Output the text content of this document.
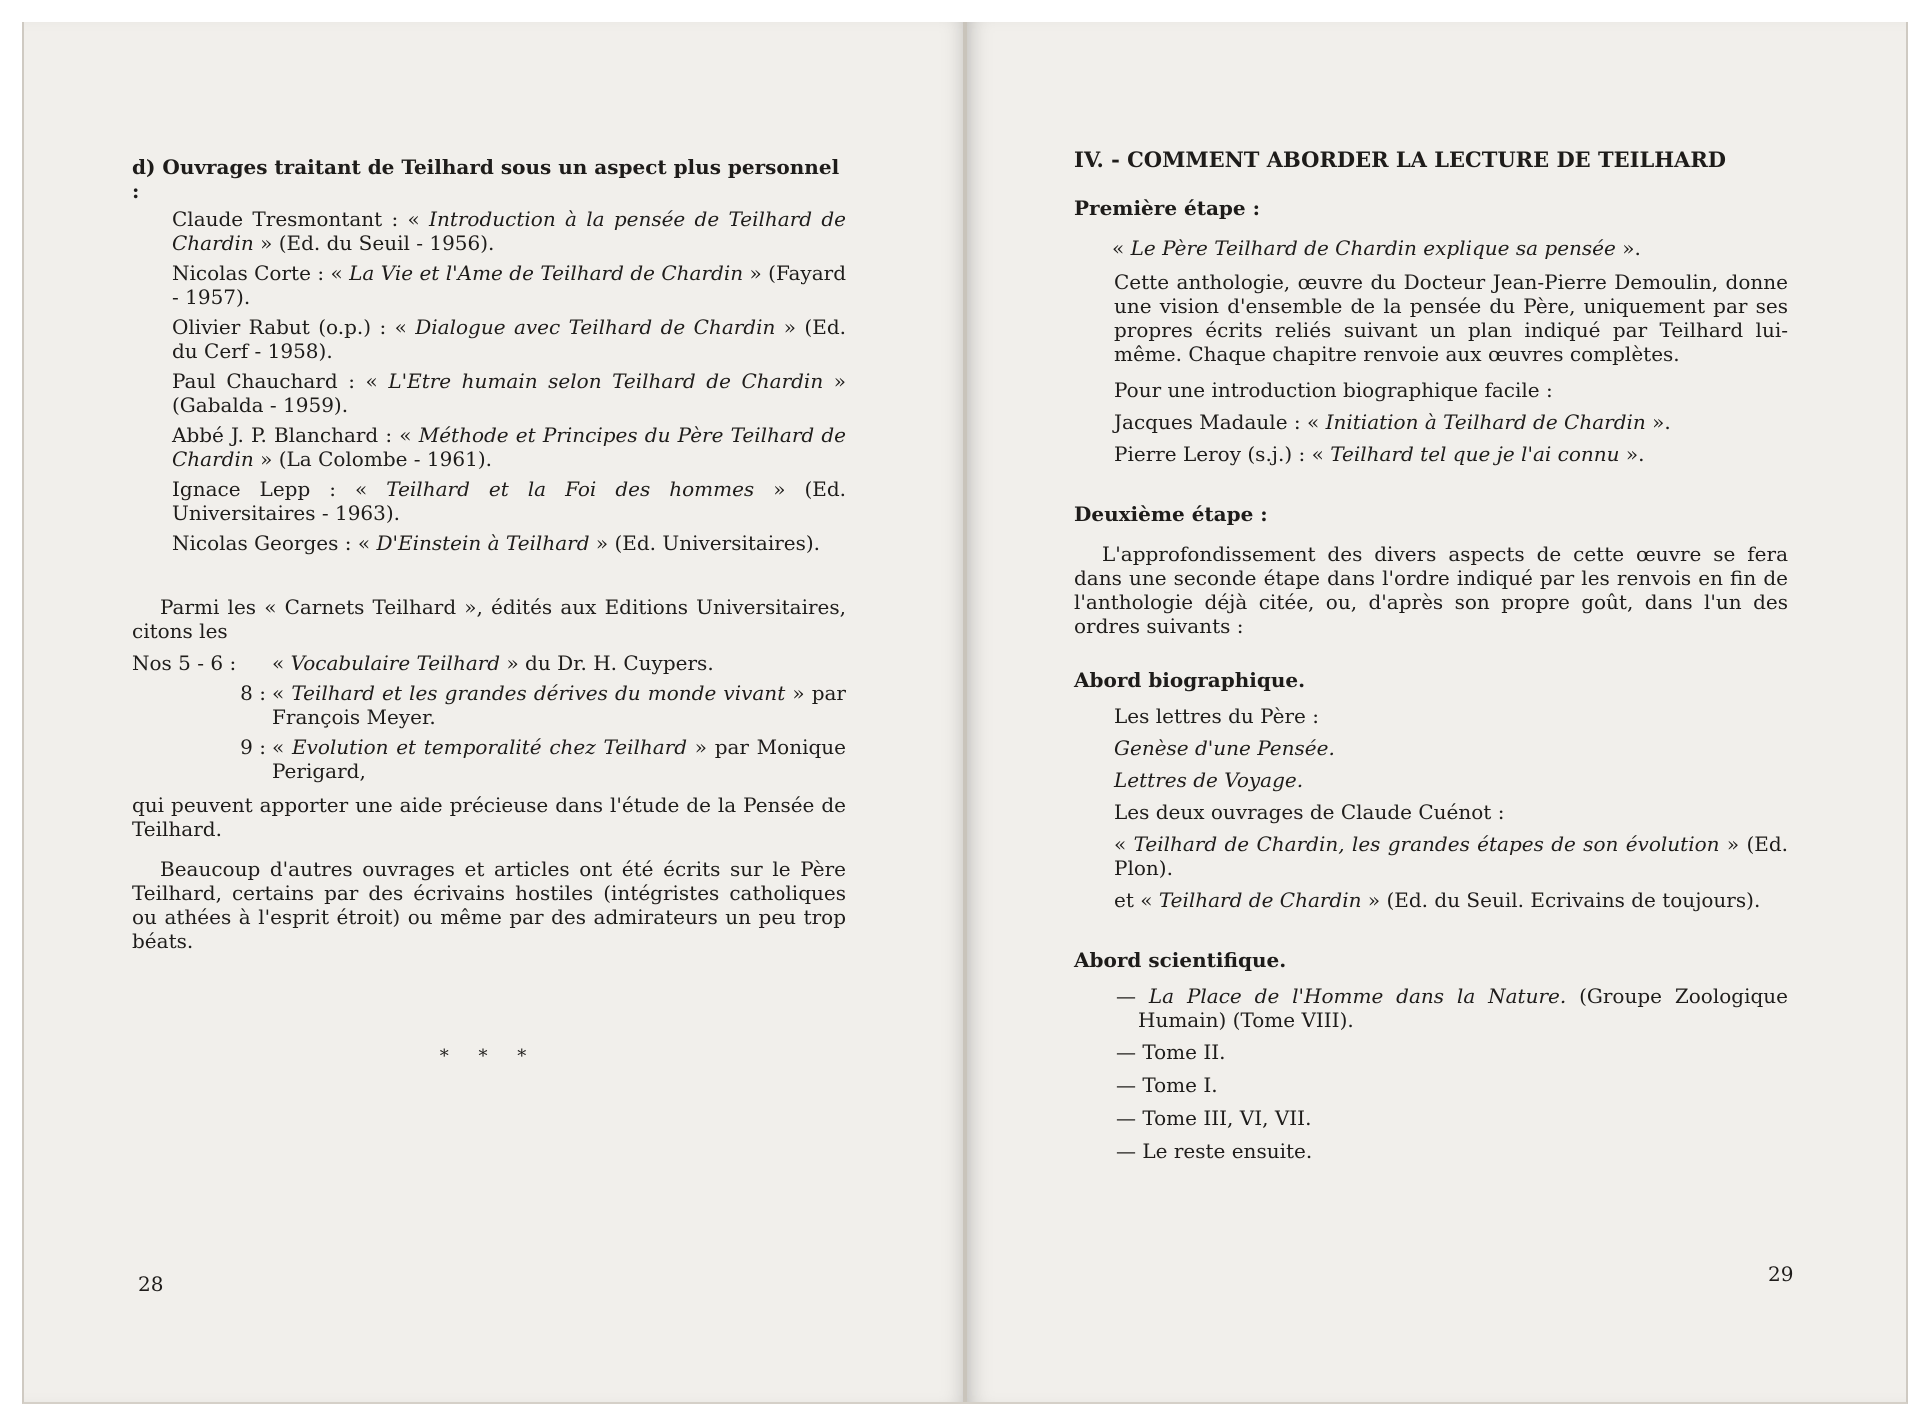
d) Ouvrages traitant de Teilhard sous un aspect plus personnel :

Claude Tresmontant : « Introduction à la pensée de Teilhard de Chardin » (Ed. du Seuil - 1956).

Nicolas Corte : « La Vie et l'Ame de Teilhard de Chardin » (Fayard - 1957).

Olivier Rabut (o.p.) : « Dialogue avec Teilhard de Chardin » (Ed. du Cerf - 1958).

Paul Chauchard : « L'Etre humain selon Teilhard de Chardin » (Gabalda - 1959).

Abbé J. P. Blanchard : « Méthode et Principes du Père Teilhard de Chardin » (La Colombe - 1961).

Ignace Lepp : « Teilhard et la Foi des hommes » (Ed. Universitaires - 1963).

Nicolas Georges : « D'Einstein à Teilhard » (Ed. Universitaires).

Parmi les « Carnets Teilhard », édités aux Editions Universitaires, citons les

Nos 5 - 6 :	« Vocabulaire Teilhard » du Dr. H. Cuypers.
8 : « Teilhard et les grandes dérives du monde vivant » par François Meyer.
9 : « Evolution et temporalité chez Teilhard » par Monique Perigard,

qui peuvent apporter une aide précieuse dans l'étude de la Pensée de Teilhard.

Beaucoup d'autres ouvrages et articles ont été écrits sur le Père Teilhard, certains par des écrivains hostiles (intégristes catholiques ou athées à l'esprit étroit) ou même par des admirateurs un peu trop béats.

* * *

28

IV. - COMMENT ABORDER LA LECTURE DE TEILHARD

Première étape :

« Le Père Teilhard de Chardin explique sa pensée ».

Cette anthologie, œuvre du Docteur Jean-Pierre Demoulin, donne une vision d'ensemble de la pensée du Père, uniquement par ses propres écrits reliés suivant un plan indiqué par Teilhard lui-même. Chaque chapitre renvoie aux œuvres complètes.

Pour une introduction biographique facile :

Jacques Madaule : « Initiation à Teilhard de Chardin ».

Pierre Leroy (s.j.) : « Teilhard tel que je l'ai connu ».

Deuxième étape :

L'approfondissement des divers aspects de cette œuvre se fera dans une seconde étape dans l'ordre indiqué par les renvois en fin de l'anthologie déjà citée, ou, d'après son propre goût, dans l'un des ordres suivants :

Abord biographique.

Les lettres du Père :

Genèse d'une Pensée.

Lettres de Voyage.

Les deux ouvrages de Claude Cuénot :

« Teilhard de Chardin, les grandes étapes de son évolution » (Ed. Plon).

et « Teilhard de Chardin » (Ed. du Seuil. Ecrivains de toujours).

Abord scientifique.

— La Place de l'Homme dans la Nature. (Groupe Zoologique Humain) (Tome VIII).

— Tome II.

— Tome I.

— Tome III, VI, VII.

— Le reste ensuite.

29
